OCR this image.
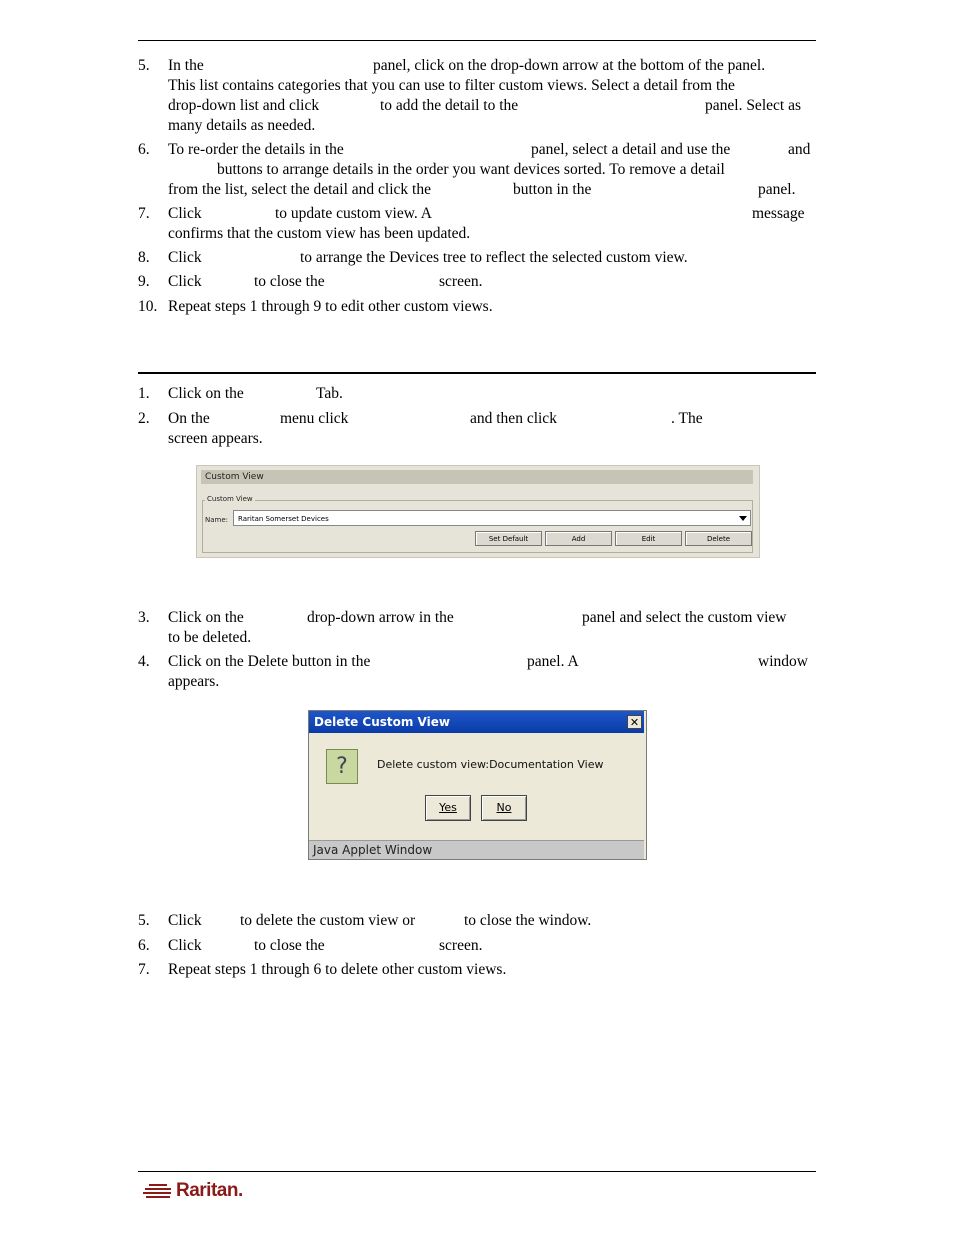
5.	In the	panel, click on the drop-down arrow at the bottom of the panel.
This list contains categories that you can use to filter custom views. Select a detail from the
drop-down list and click	to add the detail to the	panel. Select as
many details as needed.
6.	To re-order the details in the	panel, select a detail and use the	and
buttons to arrange details in the order you want devices sorted. To remove a detail
from the list, select the detail and click the	button in the	panel.
7.	Click	to update custom view. A	message
confirms that the custom view has been updated.
8.	Click	to arrange the Devices tree to reflect the selected custom view.
9.	Click	to close the	screen.
10. Repeat steps 1 through 9 to edit other custom views.
1.	Click on the	Tab.
2.	On the	menu click	and then click	. The
screen appears.
Custom View
Custom View
Name:	Raritan Somerset Devices
Set Default	Add	Edit	Delete
3.	Click on the	drop-down arrow in the	panel and select the custom view
to be deleted.
4.	Click on the Delete button in the	panel. A	window
appears.
Delete Custom View	✕
?	Delete custom view:Documentation View
Yes	No
Java Applet Window
5.	Click to delete the custom view or	to close the window.
6.	Click	to close the	screen.
7.	Repeat steps 1 through 6 to delete other custom views.
Raritan.
